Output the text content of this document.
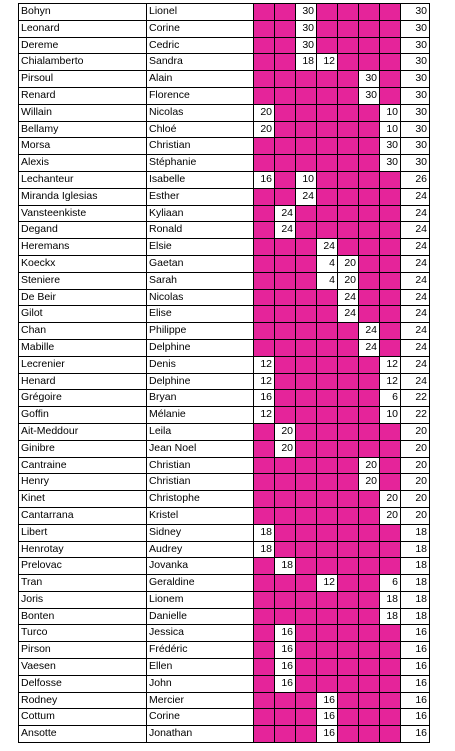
Bohyn	Lionel			30					30
Leonard	Corine			30					30
Dereme	Cedric			30					30
Chialamberto	Sandra			18	12				30
Pirsoul	Alain						30		30
Renard	Florence						30		30
Willain	Nicolas	20						10	30
Bellamy	Chloé	20						10	30
Morsa	Christian							30	30
Alexis	Stéphanie							30	30
Lechanteur	Isabelle	16		10					26
Miranda Iglesias	Esther			24					24
Vansteenkiste	Kyliaan		24						24
Degand	Ronald		24						24
Heremans	Elsie				24				24
Koeckx	Gaetan				4	20			24
Steniere	Sarah				4	20			24
De Beir	Nicolas					24			24
Gilot	Elise					24			24
Chan	Philippe						24		24
Mabille	Delphine						24		24
Lecrenier	Denis	12						12	24
Henard	Delphine	12						12	24
Grégoire	Bryan	16						6	22
Goffin	Mélanie	12						10	22
Ait-Meddour	Leila		20						20
Ginibre	Jean Noel		20						20
Cantraine	Christian						20		20
Henry	Christian						20		20
Kinet	Christophe							20	20
Cantarrana	Kristel							20	20
Libert	Sidney	18							18
Henrotay	Audrey	18							18
Prelovac	Jovanka		18						18
Tran	Geraldine				12			6	18
Joris	Lionem							18	18
Bonten	Danielle							18	18
Turco	Jessica		16						16
Pirson	Frédéric		16						16
Vaesen	Ellen		16						16
Delfosse	John		16						16
Rodney	Mercier				16				16
Cottum	Corine				16				16
Ansotte	Jonathan				16				16
